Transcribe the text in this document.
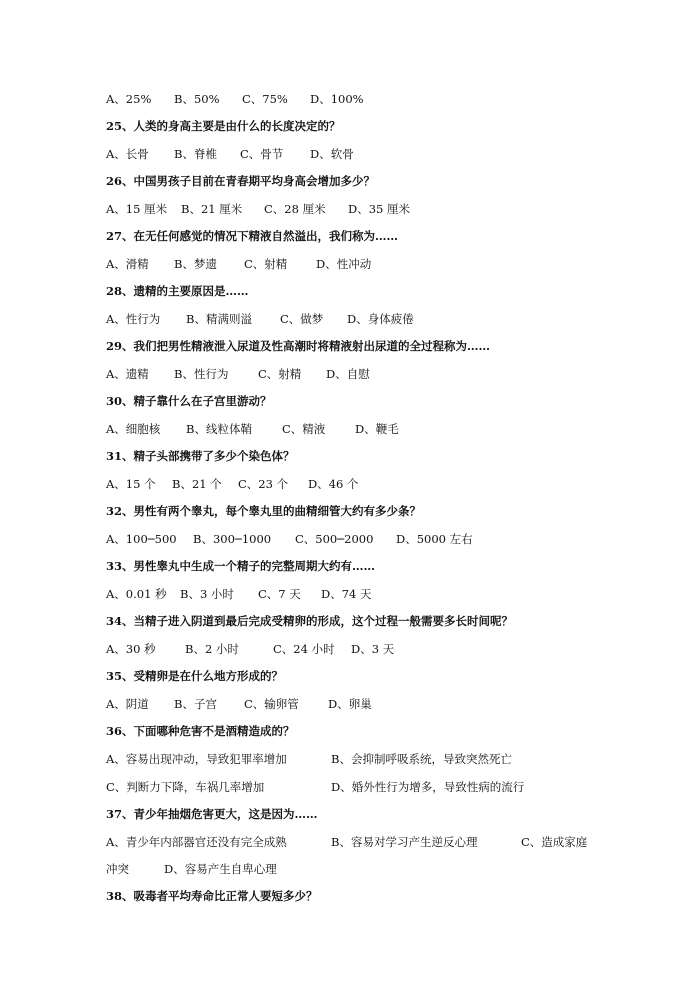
A、25% B、50% C、75% D、100%
25、人类的身高主要是由什么的长度决定的？
A、长骨 B、脊椎 C、骨节 D、软骨
26、中国男孩子目前在青春期平均身高会增加多少？
A、15 厘米 B、21 厘米 C、28 厘米 D、35 厘米
27、在无任何感觉的情况下精液自然溢出，我们称为……
A、滑精 B、梦遗 C、射精 D、性冲动
28、遗精的主要原因是……
A、性行为 B、精满则溢 C、做梦 D、身体疲倦
29、我们把男性精液泄入尿道及性高潮时将精液射出尿道的全过程称为……
A、遗精 B、性行为	C、射精 D、自慰
30、精子靠什么在子宫里游动？
A、细胞核 B、线粒体鞘	C、精液	D、鞭毛
31、精子头部携带了多少个染色体？
A、15 个 B、21 个 C、23 个 D、46 个
32、男性有两个睾丸，每个睾丸里的曲精细管大约有多少条？
A、100─500 B、300─1000 C、500─2000 D、5000 左右
33、男性睾丸中生成一个精子的完整周期大约有……
A、0.01 秒 B、3 小时 C、7 天 D、74 天
34、当精子进入阴道到最后完成受精卵的形成，这个过程一般需要多长时间呢？
A、30 秒	B、2 小时	C、24 小时 D、3 天
35、受精卵是在什么地方形成的？
A、阴道 B、子宫 C、输卵管	D、卵巢
36、下面哪种危害不是酒精造成的？
A、容易出现冲动，导致犯罪率增加	B、会抑制呼吸系统，导致突然死亡
C、判断力下降，车祸几率增加	D、婚外性行为增多，导致性病的流行
37、青少年抽烟危害更大，这是因为……
A、青少年内部器官还没有完全成熟	B、容易对学习产生逆反心理	C、造成家庭
冲突	D、容易产生自卑心理
38、吸毒者平均寿命比正常人要短多少？
